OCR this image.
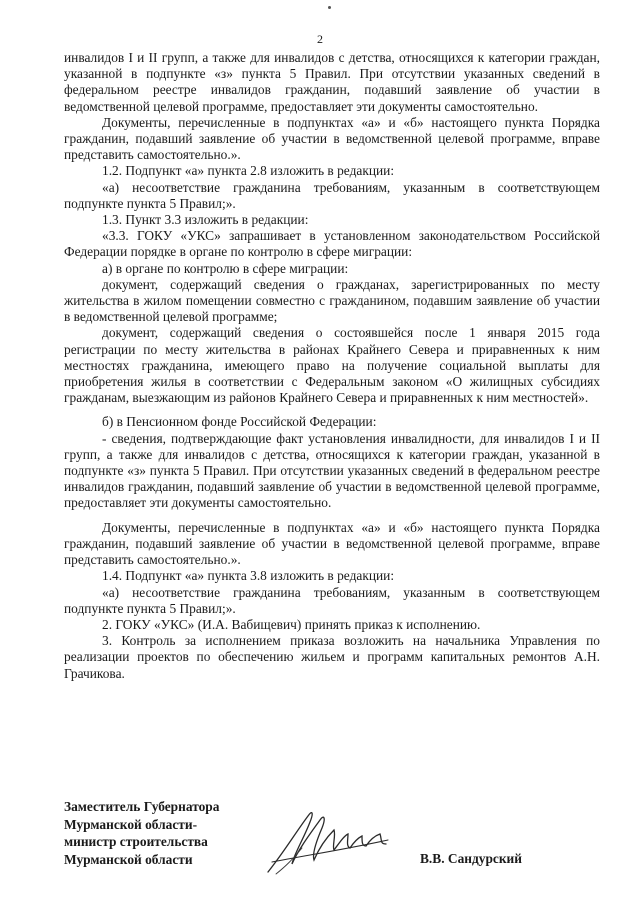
2

инвалидов I и II групп, а также для инвалидов с детства, относящихся к категории граждан, указанной в подпункте «з» пункта 5 Правил. При отсутствии указанных сведений в федеральном реестре инвалидов гражданин, подавший заявление об участии в ведомственной целевой программе, предоставляет эти документы самостоятельно.

Документы, перечисленные в подпунктах «а» и «б» настоящего пункта Порядка гражданин, подавший заявление об участии в ведомственной целевой программе, вправе представить самостоятельно.».

1.2. Подпункт «а» пункта 2.8 изложить в редакции:

«а) несоответствие гражданина требованиям, указанным в соответствующем подпункте пункта 5 Правил;».

1.3. Пункт 3.3 изложить в редакции:

«3.3. ГОКУ «УКС» запрашивает в установленном законодательством Российской Федерации порядке в органе по контролю в сфере миграции:

а) в органе по контролю в сфере миграции:

документ, содержащий сведения о гражданах, зарегистрированных по месту жительства в жилом помещении совместно с гражданином, подавшим заявление об участии в ведомственной целевой программе;

документ, содержащий сведения о состоявшейся после 1 января 2015 года регистрации по месту жительства в районах Крайнего Севера и приравненных к ним местностях гражданина, имеющего право на получение социальной выплаты для приобретения жилья в соответствии с Федеральным законом «О жилищных субсидиях гражданам, выезжающим из районов Крайнего Севера и приравненных к ним местностей».

б) в Пенсионном фонде Российской Федерации:

- сведения, подтверждающие факт установления инвалидности, для инвалидов I и II групп, а также для инвалидов с детства, относящихся к категории граждан, указанной в подпункте «з» пункта 5 Правил. При отсутствии указанных сведений в федеральном реестре инвалидов гражданин, подавший заявление об участии в ведомственной целевой программе, предоставляет эти документы самостоятельно.

Документы, перечисленные в подпунктах «а» и «б» настоящего пункта Порядка гражданин, подавший заявление об участии в ведомственной целевой программе, вправе представить самостоятельно.».

1.4. Подпункт «а» пункта 3.8 изложить в редакции:

«а) несоответствие гражданина требованиям, указанным в соответствующем подпункте пункта 5 Правил;».

2. ГОКУ «УКС» (И.А. Вабищевич) принять приказ к исполнению.

3. Контроль за исполнением приказа возложить на начальника Управления по реализации проектов по обеспечению жильем и программ капитальных ремонтов А.Н. Грачикова.

Заместитель Губернатора
Мурманской области-
министр строительства
Мурманской области	В.В. Сандурский
